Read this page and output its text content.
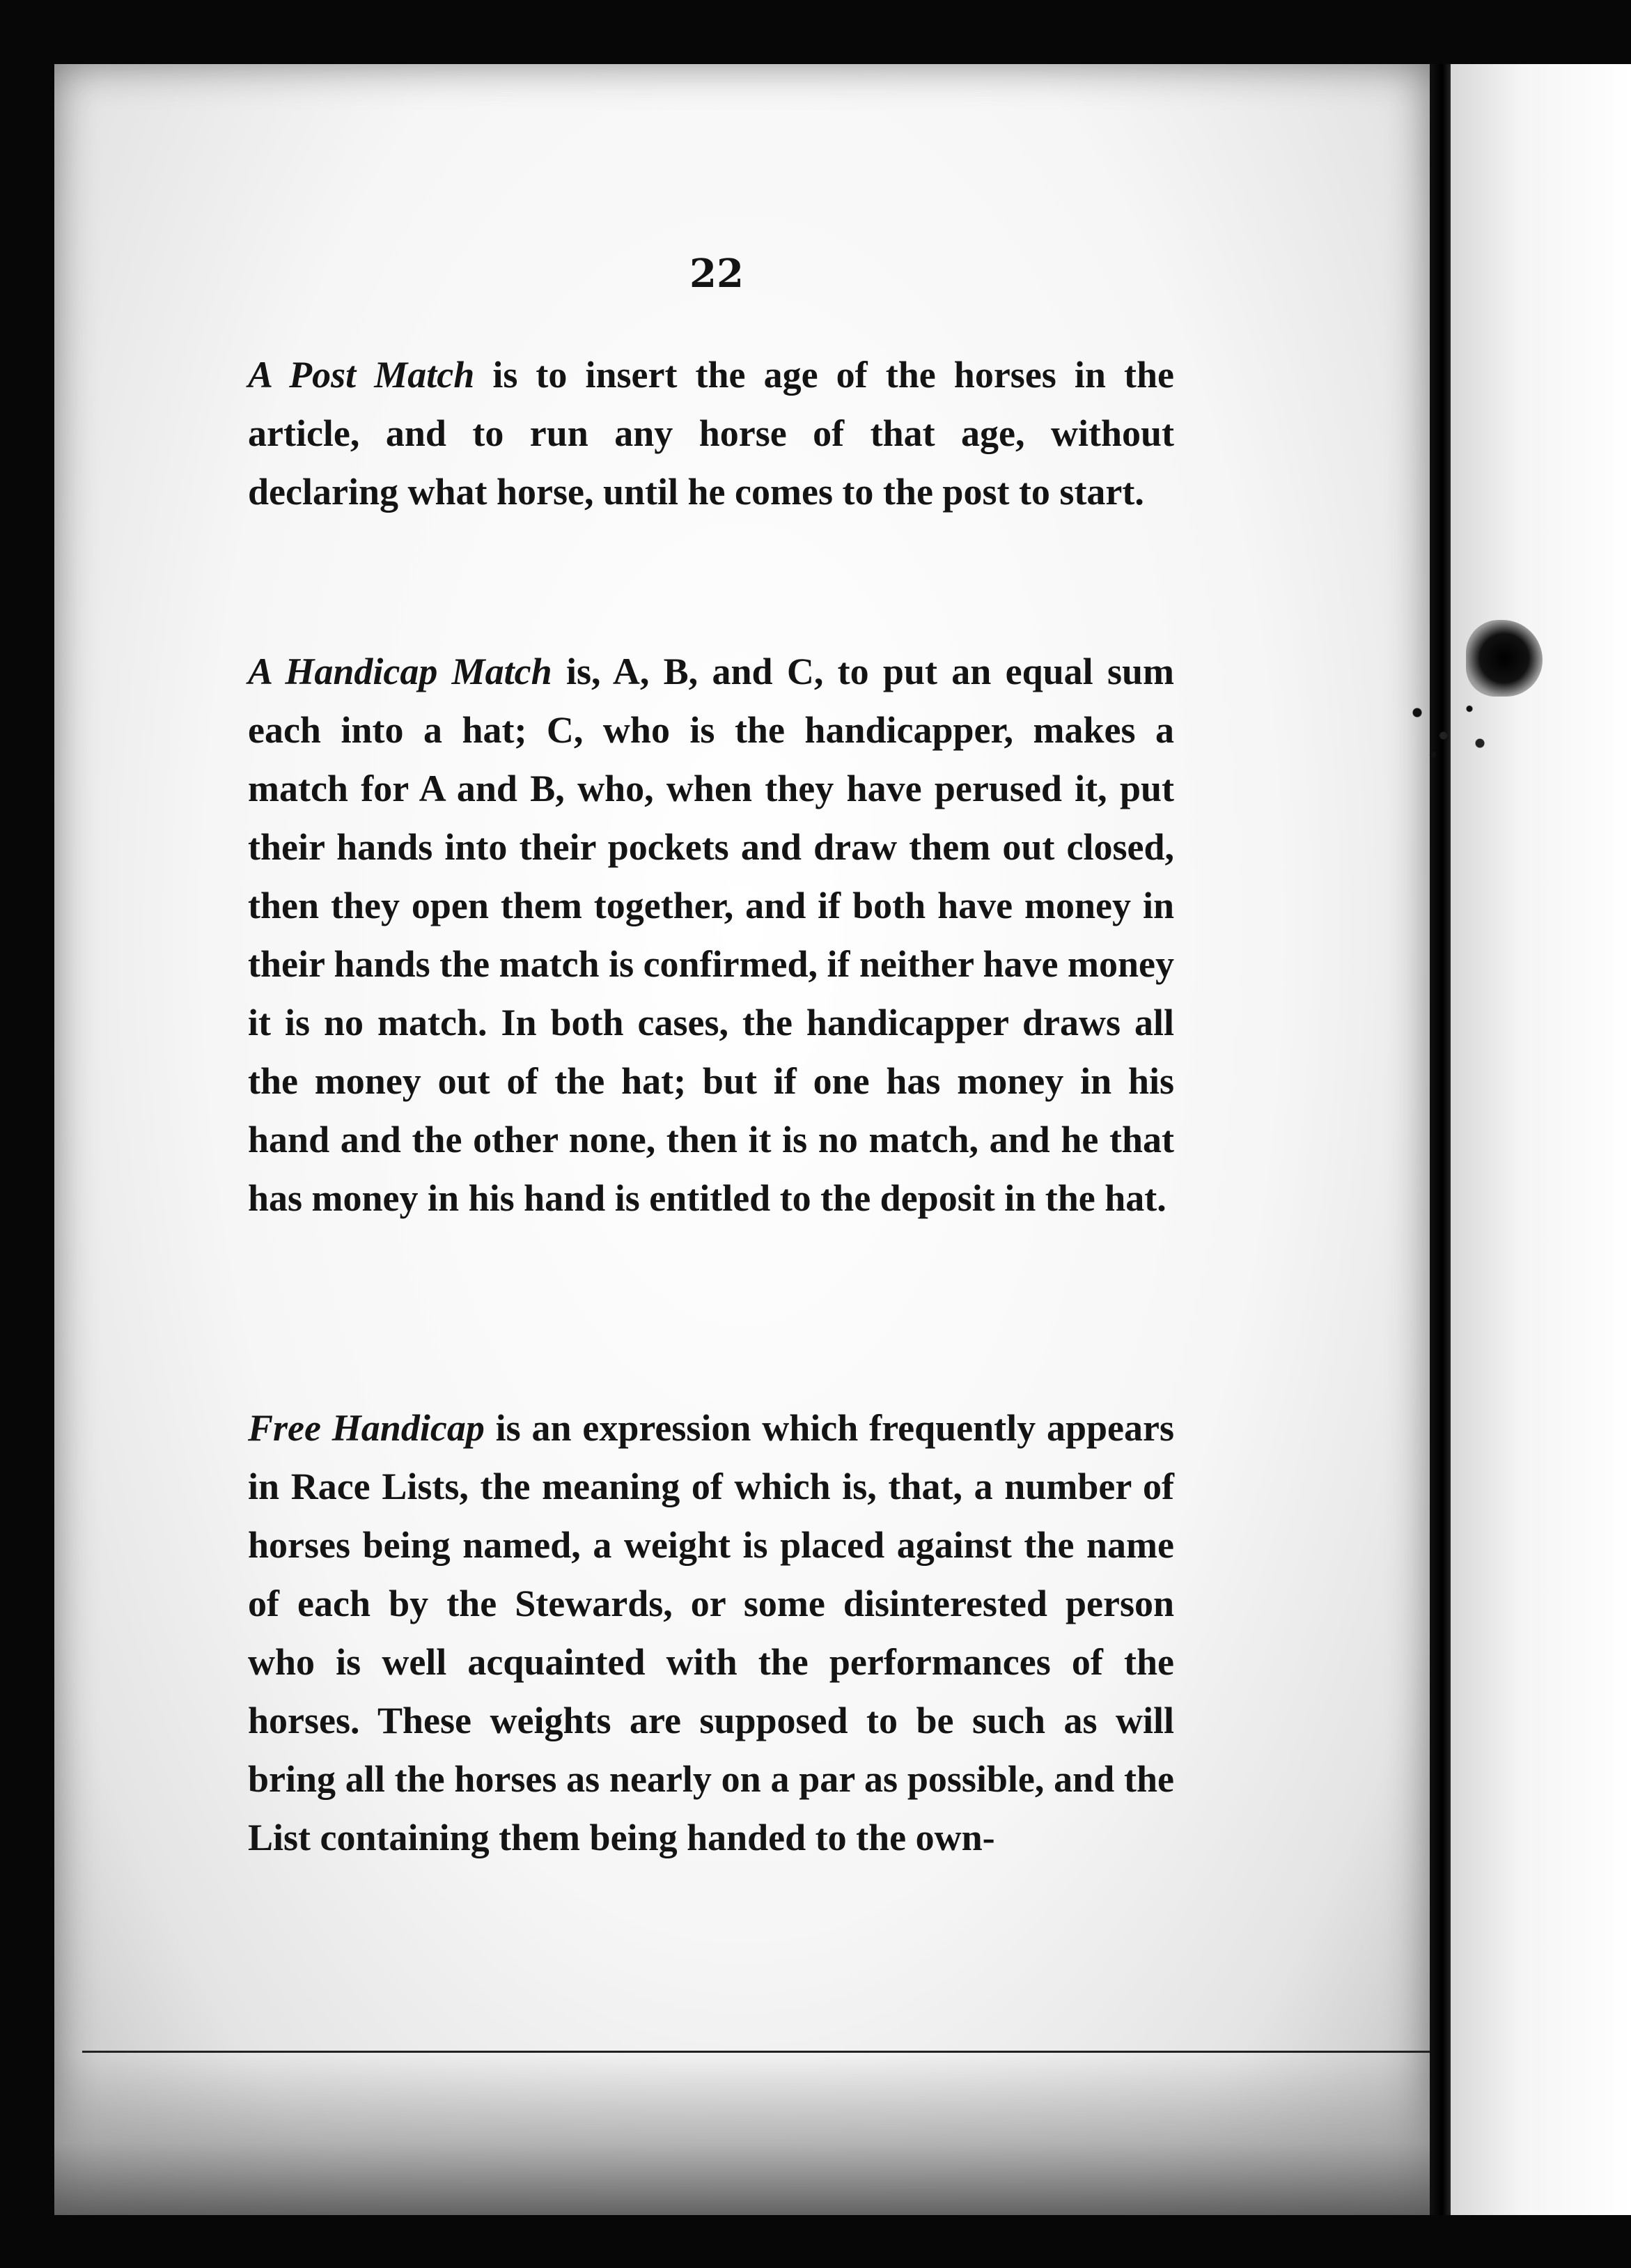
22
A Post Match is to insert the age of the horses in the article, and to run any horse of that age, without declaring what horse, until he comes to the post to start.
A Handicap Match is, A, B, and C, to put an equal sum each into a hat; C, who is the handicapper, makes a match for A and B, who, when they have perused it, put their hands into their pockets and draw them out closed, then they open them together, and if both have money in their hands the match is confirmed, if neither have money it is no match. In both cases, the handicapper draws all the money out of the hat; but if one has money in his hand and the other none, then it is no match, and he that has money in his hand is entitled to the deposit in the hat.
Free Handicap is an expression which frequently appears in Race Lists, the meaning of which is, that, a number of horses being named, a weight is placed against the name of each by the Stewards, or some disinterested person who is well acquainted with the performances of the horses. These weights are supposed to be such as will bring all the horses as nearly on a par as possible, and the List containing them being handed to the own-
